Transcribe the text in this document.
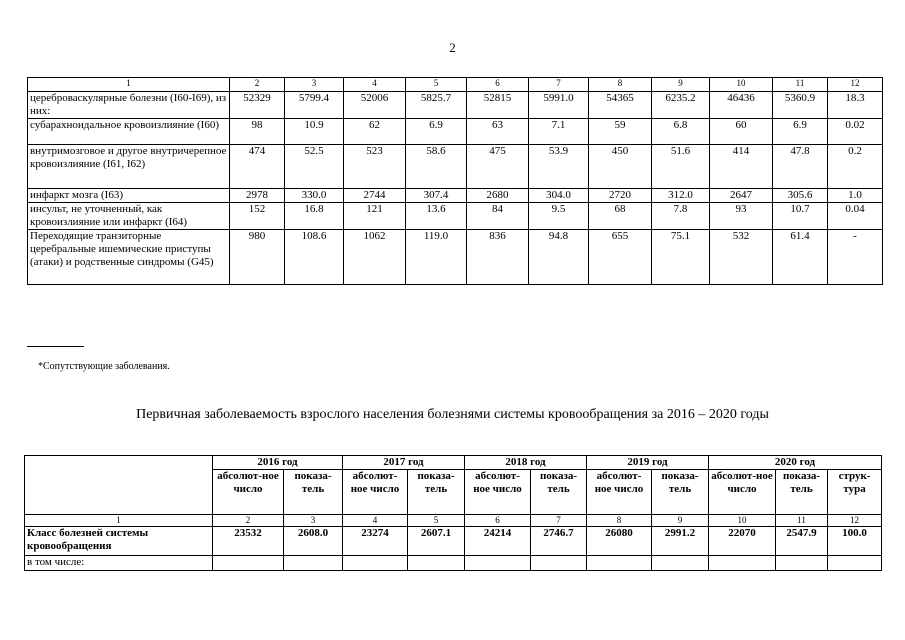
2
1	2	3	4	5	6	7	8	9	10	11	12
цереброваскулярные болезни (I60-I69), из них:	52329	5799.4	52006	5825.7	52815	5991.0	54365	6235.2	46436	5360.9	18.3
субарахноидальное кровоизлияние (I60)	98	10.9	62	6.9	63	7.1	59	6.8	60	6.9	0.02
внутримозговое и другое внутричерепное кровоизлияние (I61, I62)	474	52.5	523	58.6	475	53.9	450	51.6	414	47.8	0.2
инфаркт мозга (I63)	2978	330.0	2744	307.4	2680	304.0	2720	312.0	2647	305.6	1.0
инсульт, не уточненный, как кровоизлияние или инфаркт (I64)	152	16.8	121	13.6	84	9.5	68	7.8	93	10.7	0.04
Переходящие транзиторные церебральные ишемические приступы (атаки) и родственные синдромы (G45)	980	108.6	1062	119.0	836	94.8	655	75.1	532	61.4	-
*Сопутствующие заболевания.
Первичная заболеваемость взрослого населения болезнями системы кровообращения за 2016 – 2020 годы
	2016 год		2017 год		2018 год		2019 год		2020 год		
	абсолют-ное число	показа-тель	абсолют-ное число	показа-тель	абсолют-ное число	показа-тель	абсолют-ное число	показа-тель	абсолют-ное число	показа-тель	струк-тура
1	2	3	4	5	6	7	8	9	10	11	12
Класс болезней системы кровообращения	23532	2608.0	23274	2607.1	24214	2746.7	26080	2991.2	22070	2547.9	100.0
в том числе:											
